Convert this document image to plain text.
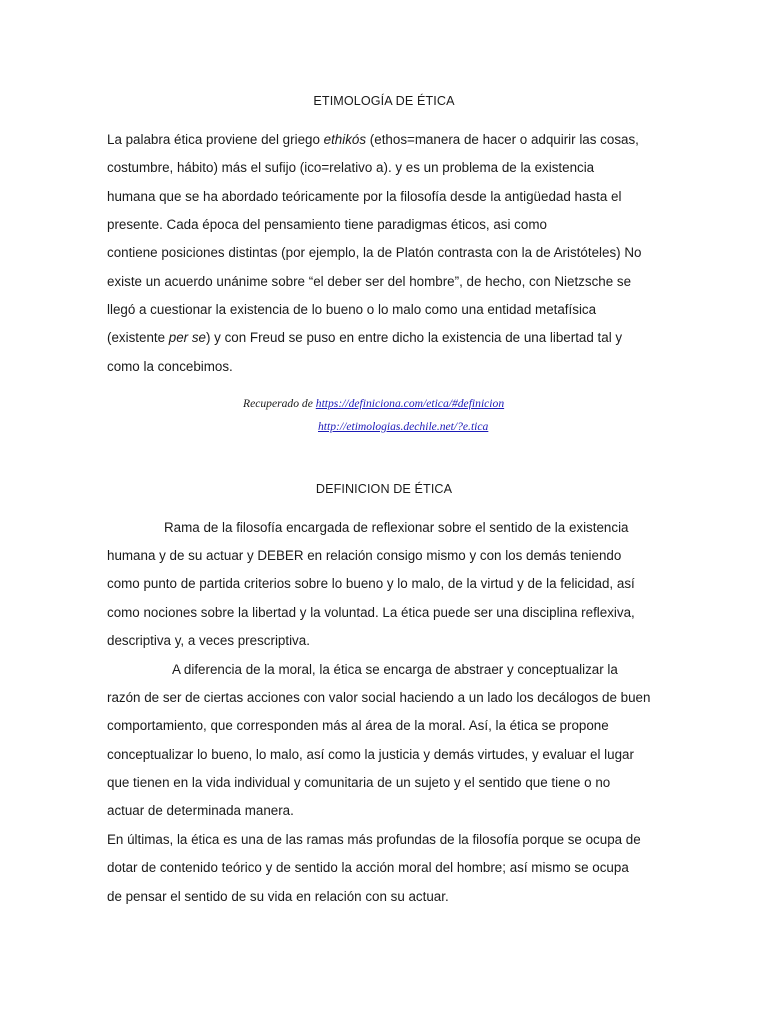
ETIMOLOGÍA DE ÉTICA
La palabra ética proviene del griego ethikós (ethos=manera de hacer o adquirir las cosas,
costumbre, hábito) más el sufijo (ico=relativo a). y es un problema de la existencia
humana que se ha abordado teóricamente por la filosofía desde la antigüedad hasta el
presente. Cada época del pensamiento tiene paradigmas éticos, asi como
contiene posiciones distintas (por ejemplo, la de Platón contrasta con la de Aristóteles) No
existe un acuerdo unánime sobre “el deber ser del hombre”, de hecho, con Nietzsche se
llegó a cuestionar la existencia de lo bueno o lo malo como una entidad metafísica
(existente per se) y con Freud se puso en entre dicho la existencia de una libertad tal y
como la concebimos.
Recuperado de https://definiciona.com/etica/#definicion
http://etimologias.dechile.net/?e.tica
DEFINICION DE ÉTICA
Rama de la filosofía encargada de reflexionar sobre el sentido de la existencia
humana y de su actuar y DEBER en relación consigo mismo y con los demás teniendo
como punto de partida criterios sobre lo bueno y lo malo, de la virtud y de la felicidad, así
como nociones sobre la libertad y la voluntad. La ética puede ser una disciplina reflexiva,
descriptiva y, a veces prescriptiva.
A diferencia de la moral, la ética se encarga de abstraer y conceptualizar la
razón de ser de ciertas acciones con valor social haciendo a un lado los decálogos de buen
comportamiento, que corresponden más al área de la moral. Así, la ética se propone
conceptualizar lo bueno, lo malo, así como la justicia y demás virtudes, y evaluar el lugar
que tienen en la vida individual y comunitaria de un sujeto y el sentido que tiene o no
actuar de determinada manera.
En últimas, la ética es una de las ramas más profundas de la filosofía porque se ocupa de
dotar de contenido teórico y de sentido la acción moral del hombre; así mismo se ocupa
de pensar el sentido de su vida en relación con su actuar.
